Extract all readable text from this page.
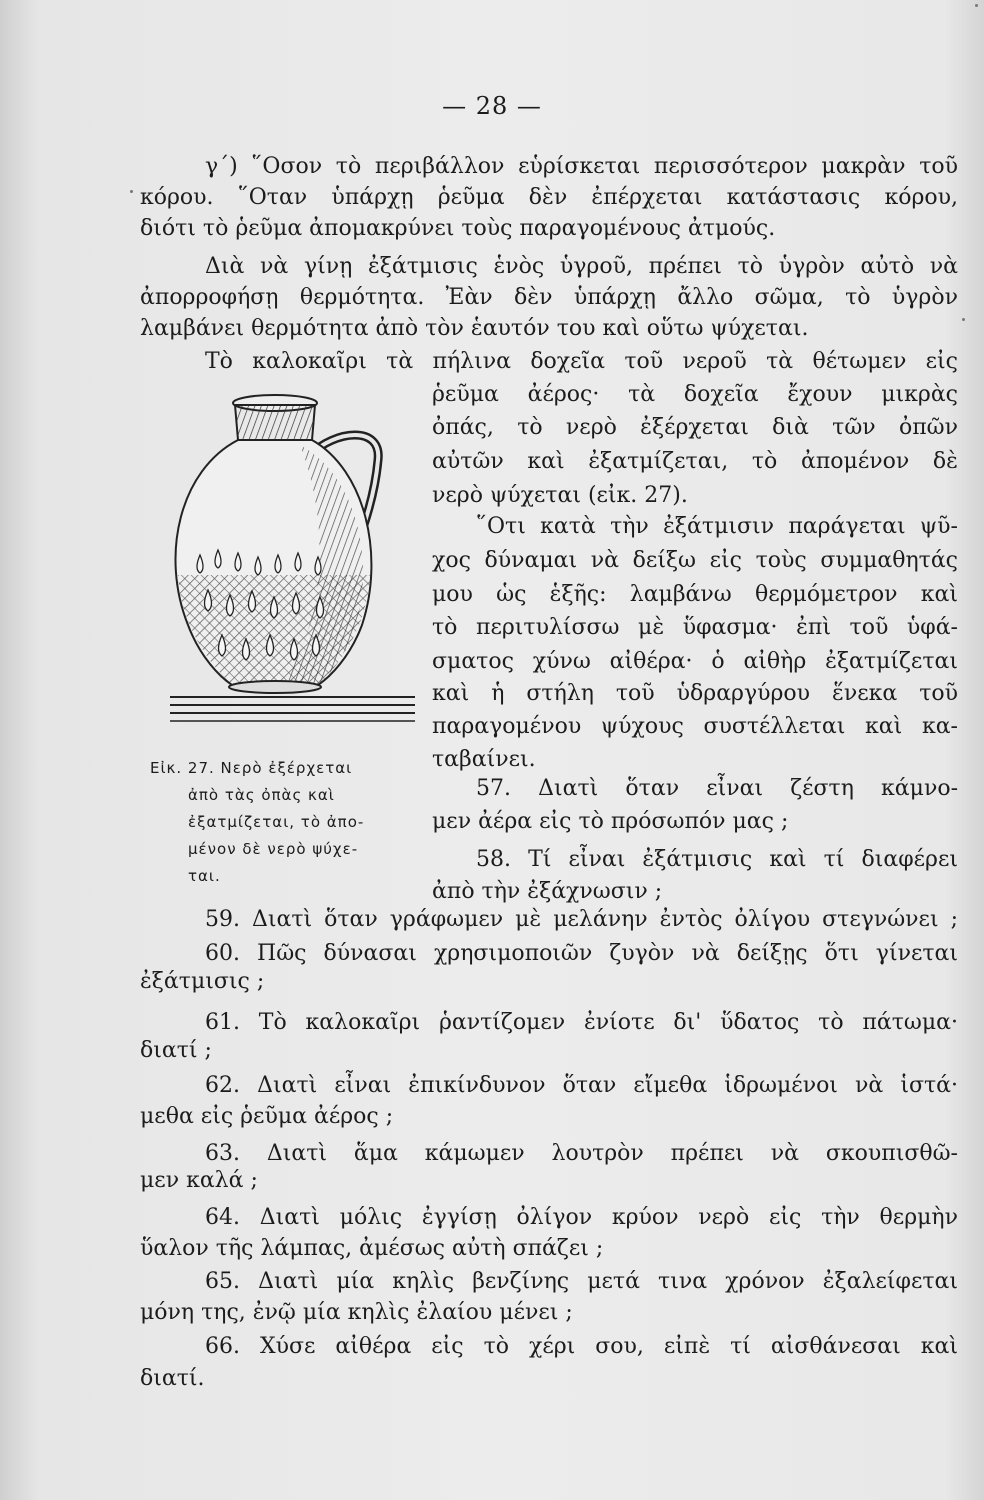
— 28 —
γ΄) ῞Οσον τὸ περιβάλλον εὑρίσκεται περισσότερον μακρὰν τοῦ
κόρου. ῞Οταν ὑπάρχῃ ῥεῦμα δὲν ἐπέρχεται κατάστασις κόρου,
διότι τὸ ῥεῦμα ἀπομακρύνει τοὺς παραγομένους ἀτμούς.
Διὰ νὰ γίνῃ ἐξάτμισις ἑνὸς ὑγροῦ, πρέπει τὸ ὑγρὸν αὐτὸ νὰ
ἀπορροφήσῃ θερμότητα. Ἐὰν δὲν ὑπάρχῃ ἄλλο σῶμα, τὸ ὑγρὸν
λαμβάνει θερμότητα ἀπὸ τὸν ἑαυτόν του καὶ οὕτω ψύχεται.
Τὸ καλοκαῖρι τὰ πήλινα δοχεῖα τοῦ νεροῦ τὰ θέτωμεν εἰς
ῥεῦμα ἀέρος· τὰ δοχεῖα ἔχουν μικρὰς
ὀπάς, τὸ νερὸ ἐξέρχεται διὰ τῶν ὀπῶν
αὐτῶν καὶ ἐξατμίζεται, τὸ ἀπομένον δὲ
νερὸ ψύχεται (εἰκ. 27).
῞Οτι κατὰ τὴν ἐξάτμισιν παράγεται ψῦ-
χος δύναμαι νὰ δείξω εἰς τοὺς συμμαθητάς
μου ὡς ἑξῆς: λαμβάνω θερμόμετρον καὶ
τὸ περιτυλίσσω μὲ ὕφασμα· ἐπὶ τοῦ ὑφά-
σματος χύνω αἰθέρα· ὁ αἰθὴρ ἐξατμίζεται
καὶ ἡ στήλη τοῦ ὑδραργύρου ἕνεκα τοῦ
παραγομένου ψύχους συστέλλεται καὶ κα-
ταβαίνει.
57. Διατὶ ὅταν εἶναι ζέστη κάμνο-
μεν ἀέρα εἰς τὸ πρόσωπόν μας ;
58. Τί εἶναι ἐξάτμισις καὶ τί διαφέρει
ἀπὸ τὴν ἐξάχνωσιν ;
Εἰκ. 27. Νερὸ ἐξέρχεται
ἀπὸ τὰς ὀπὰς καὶ
ἐξατμίζεται, τὸ ἀπο-
μένον δὲ νερὸ ψύχε-
ται.
59. Διατὶ ὅταν γράφωμεν μὲ μελάνην ἐντὸς ὀλίγου στεγνώνει ;
60. Πῶς δύνασαι χρησιμοποιῶν ζυγὸν νὰ δείξῃς ὅτι γίνεται
ἐξάτμισις ;
61. Τὸ καλοκαῖρι ῥαντίζομεν ἐνίοτε δι' ὕδατος τὸ πάτωμα·
διατί ;
62. Διατὶ εἶναι ἐπικίνδυνον ὅταν εἴμεθα ἱδρωμένοι νὰ ἱστά·
μεθα εἰς ῥεῦμα ἀέρος ;
63. Διατὶ ἅμα κάμωμεν λουτρὸν πρέπει νὰ σκουπισθῶ-
μεν καλά ;
64. Διατὶ μόλις ἐγγίσῃ ὀλίγον κρύον νερὸ εἰς τὴν θερμὴν
ὕαλον τῆς λάμπας, ἀμέσως αὐτὴ σπάζει ;
65. Διατὶ μία κηλὶς βενζίνης μετά τινα χρόνον ἐξαλείφεται
μόνη της, ἐνῷ μία κηλὶς ἐλαίου μένει ;
66. Χύσε αἰθέρα εἰς τὸ χέρι σου, εἰπὲ τί αἰσθάνεσαι καὶ
διατί.
